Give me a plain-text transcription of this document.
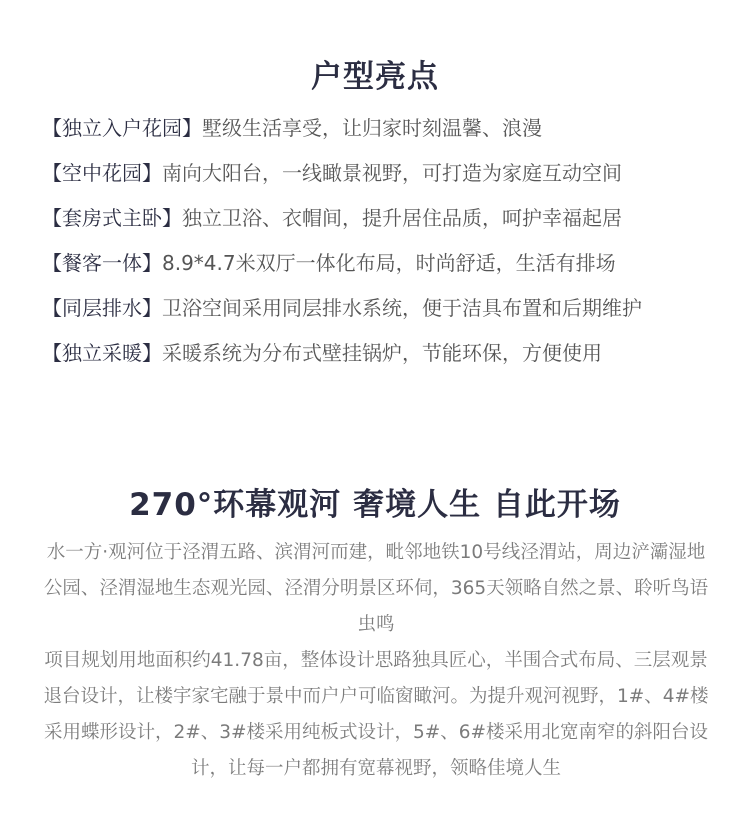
户型亮点
【独立入户花园】墅级生活享受，让归家时刻温馨、浪漫
【空中花园】南向大阳台，一线瞰景视野，可打造为家庭互动空间
【套房式主卧】独立卫浴、衣帽间，提升居住品质，呵护幸福起居
【餐客一体】8.9*4.7米双厅一体化布局，时尚舒适，生活有排场
【同层排水】卫浴空间采用同层排水系统，便于洁具布置和后期维护
【独立采暖】采暖系统为分布式壁挂锅炉，节能环保，方便使用
270°环幕观河 奢境人生 自此开场

水一方·观河位于泾渭五路、滨渭河而建，毗邻地铁10号线泾渭站，周边浐灞湿地公园、泾渭湿地生态观光园、泾渭分明景区环伺，365天领略自然之景、聆听鸟语虫鸣

项目规划用地面积约41.78亩，整体设计思路独具匠心，半围合式布局、三层观景退台设计，让楼宇家宅融于景中而户户可临窗瞰河。为提升观河视野，1#、4#楼采用蝶形设计，2#、3#楼采用纯板式设计，5#、6#楼采用北宽南窄的斜阳台设计，让每一户都拥有宽幕视野，领略佳境人生
